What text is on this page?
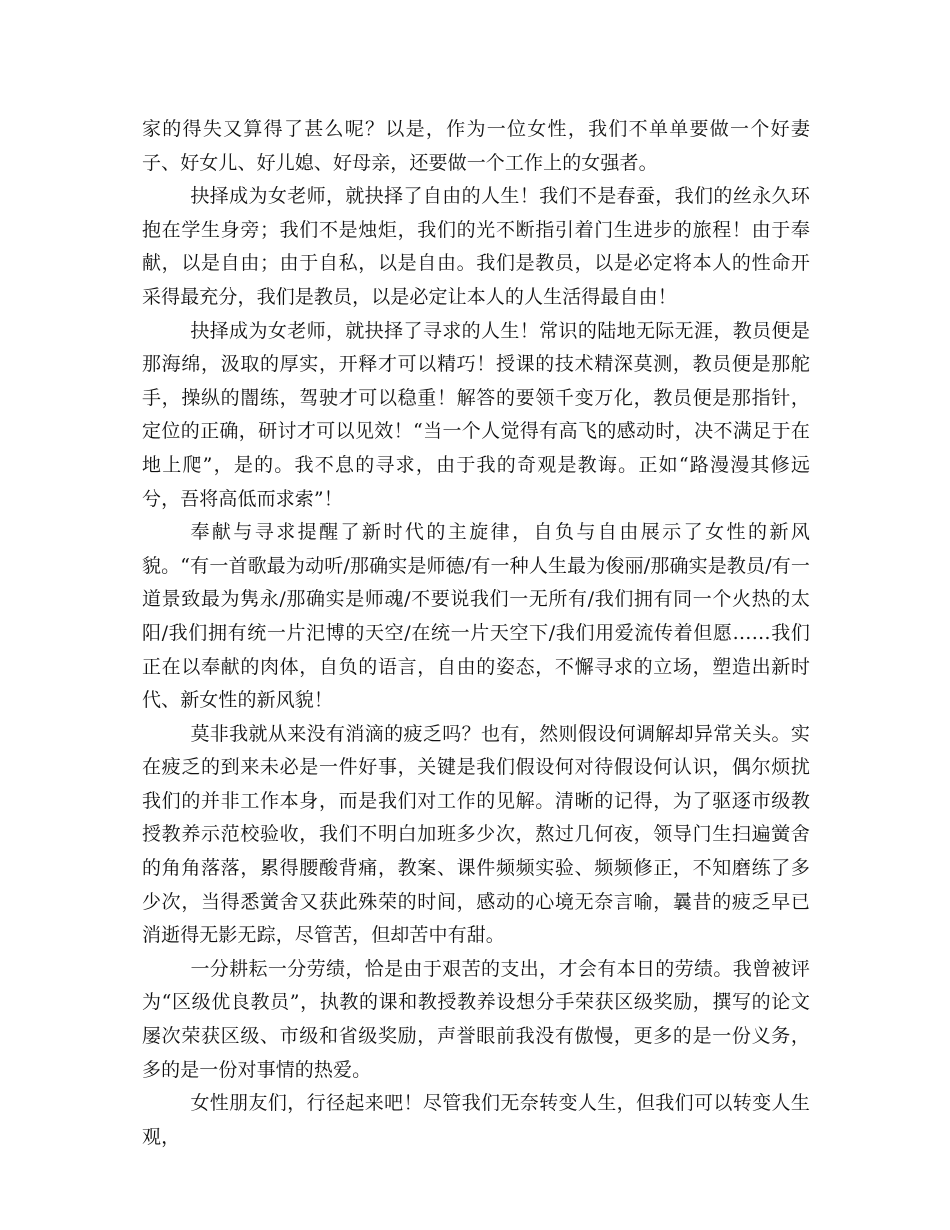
家的得失又算得了甚么呢？以是，作为一位女性，我们不单单要做一个好妻子、好女儿、好儿媳、好母亲，还要做一个工作上的女强者。

抉择成为女老师，就抉择了自由的人生！我们不是春蚕，我们的丝永久环抱在学生身旁；我们不是烛炬，我们的光不断指引着门生进步的旅程！由于奉献，以是自由；由于自私，以是自由。我们是教员，以是必定将本人的性命开采得最充分，我们是教员，以是必定让本人的人生活得最自由！

抉择成为女老师，就抉择了寻求的人生！常识的陆地无际无涯，教员便是那海绵，汲取的厚实，开释才可以精巧！授课的技术精深莫测，教员便是那舵手，操纵的闇练，驾驶才可以稳重！解答的要领千变万化，教员便是那指针，定位的正确，研讨才可以见效！“当一个人觉得有高飞的感动时，决不满足于在地上爬”，是的。我不息的寻求，由于我的奇观是教诲。正如“路漫漫其修远兮，吾将高低而求索”！

奉献与寻求提醒了新时代的主旋律，自负与自由展示了女性的新风貌。“有一首歌最为动听/那确实是师德/有一种人生最为俊丽/那确实是教员/有一道景致最为隽永/那确实是师魂/不要说我们一无所有/我们拥有同一个火热的太阳/我们拥有统一片汜博的天空/在统一片天空下/我们用爱流传着但愿……我们正在以奉献的肉体，自负的语言，自由的姿态，不懈寻求的立场，塑造出新时代、新女性的新风貌！

莫非我就从来没有消滴的疲乏吗？也有，然则假设何调解却异常关头。实在疲乏的到来未必是一件好事，关键是我们假设何对待假设何认识，偶尔烦扰我们的并非工作本身，而是我们对工作的见解。清晰的记得，为了驱逐市级教授教养示范校验收，我们不明白加班多少次，熬过几何夜，领导门生扫遍黉舍的角角落落，累得腰酸背痛，教案、课件频频实验、频频修正，不知磨练了多少次，当得悉黉舍又获此殊荣的时间，感动的心境无奈言喻，曩昔的疲乏早已消逝得无影无踪，尽管苦，但却苦中有甜。

一分耕耘一分劳绩，恰是由于艰苦的支出，才会有本日的劳绩。我曾被评为“区级优良教员”，执教的课和教授教养设想分手荣获区级奖励，撰写的论文屡次荣获区级、市级和省级奖励，声誉眼前我没有傲慢，更多的是一份义务，多的是一份对事情的热爱。

女性朋友们，行径起来吧！尽管我们无奈转变人生，但我们可以转变人生观，
